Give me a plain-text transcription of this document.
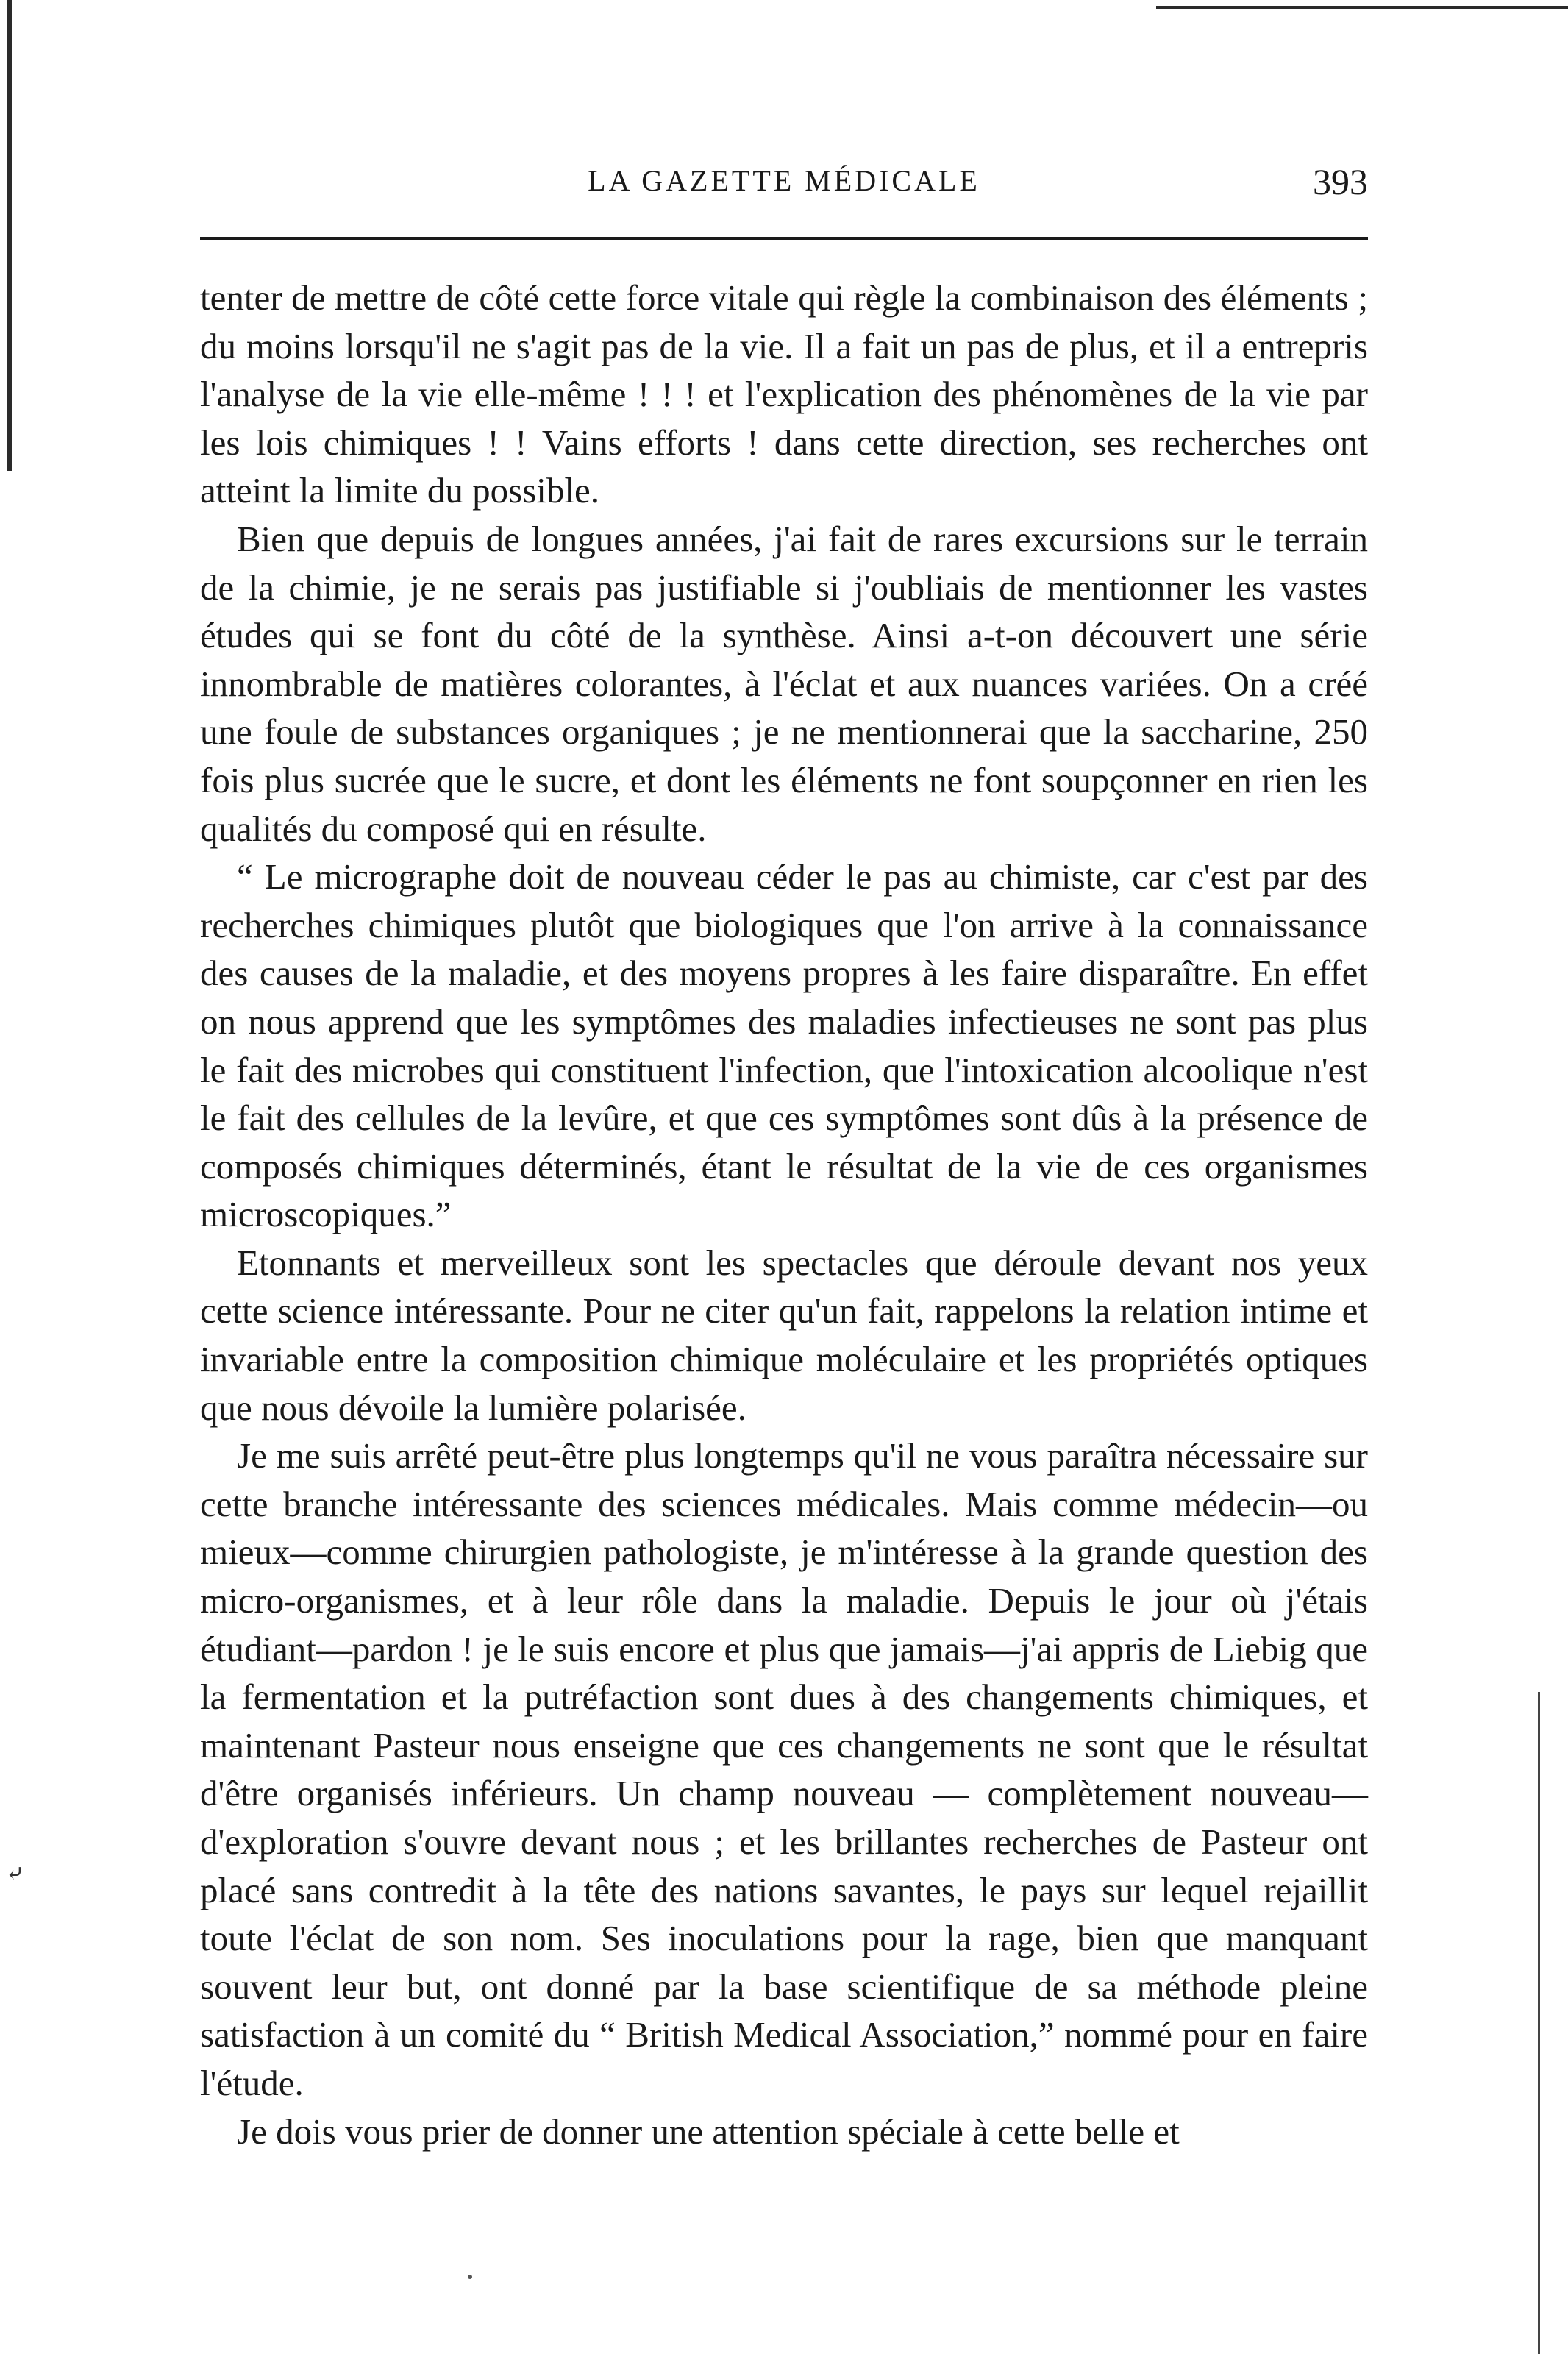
LA GAZETTE MÉDICALE	393

tenter de mettre de côté cette force vitale qui règle la combinaison des éléments ; du moins lorsqu'il ne s'agit pas de la vie. Il a fait un pas de plus, et il a entrepris l'analyse de la vie elle-même ! ! ! et l'explication des phénomènes de la vie par les lois chimiques ! ! Vains efforts ! dans cette direction, ses recherches ont atteint la limite du possible.

Bien que depuis de longues années, j'ai fait de rares excursions sur le terrain de la chimie, je ne serais pas justifiable si j'oubliais de mentionner les vastes études qui se font du côté de la synthèse. Ainsi a-t-on découvert une série innombrable de matières colorantes, à l'éclat et aux nuances variées. On a créé une foule de substances organiques ; je ne mentionnerai que la saccharine, 250 fois plus sucrée que le sucre, et dont les éléments ne font soupçonner en rien les qualités du composé qui en résulte.

“ Le micrographe doit de nouveau céder le pas au chimiste, car c'est par des recherches chimiques plutôt que biologiques que l'on arrive à la connaissance des causes de la maladie, et des moyens propres à les faire disparaître. En effet on nous apprend que les symptômes des maladies infectieuses ne sont pas plus le fait des microbes qui constituent l'infection, que l'intoxication alcoolique n'est le fait des cellules de la levûre, et que ces symptômes sont dûs à la présence de composés chimiques déterminés, étant le résultat de la vie de ces organismes microscopiques.”

Etonnants et merveilleux sont les spectacles que déroule devant nos yeux cette science intéressante. Pour ne citer qu'un fait, rappelons la relation intime et invariable entre la composition chimique moléculaire et les propriétés optiques que nous dévoile la lumière polarisée.

Je me suis arrêté peut-être plus longtemps qu'il ne vous paraîtra nécessaire sur cette branche intéressante des sciences médicales. Mais comme médecin—ou mieux—comme chirurgien pathologiste, je m'intéresse à la grande question des micro-organismes, et à leur rôle dans la maladie. Depuis le jour où j'étais étudiant—pardon ! je le suis encore et plus que jamais—j'ai appris de Liebig que la fermentation et la putréfaction sont dues à des changements chimiques, et maintenant Pasteur nous enseigne que ces changements ne sont que le résultat d'être organisés inférieurs. Un champ nouveau — complètement nouveau—d'exploration s'ouvre devant nous ; et les brillantes recherches de Pasteur ont placé sans contredit à la tête des nations savantes, le pays sur lequel rejaillit toute l'éclat de son nom. Ses inoculations pour la rage, bien que manquant souvent leur but, ont donné par la base scientifique de sa méthode pleine satisfaction à un comité du “ British Medical Association,” nommé pour en faire l'étude.

Je dois vous prier de donner une attention spéciale à cette belle et

⤶
